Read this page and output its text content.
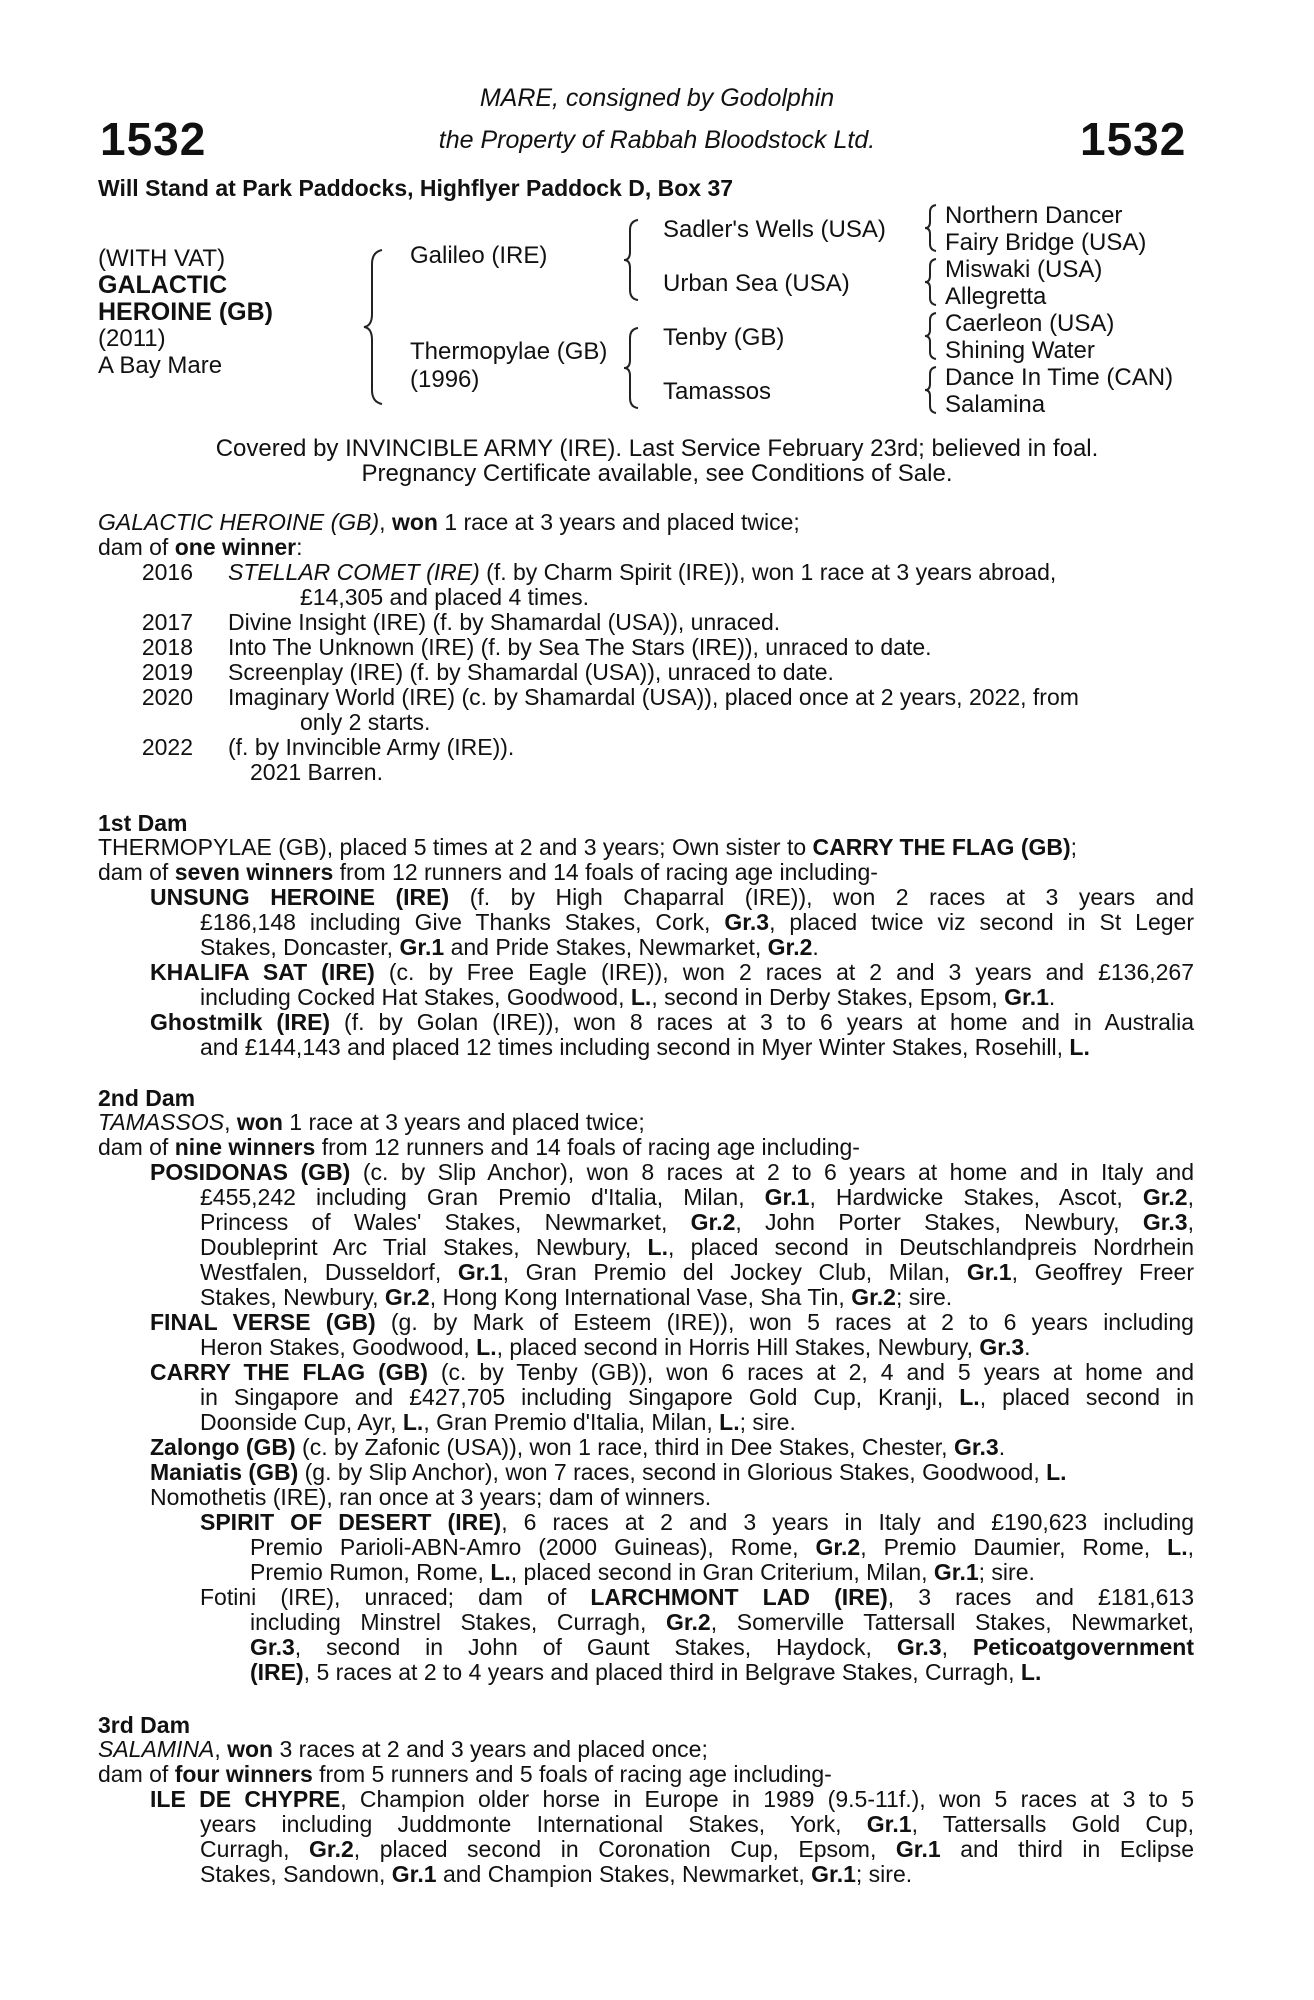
1532	1532
MARE, consigned by Godolphin
the Property of Rabbah Bloodstock Ltd.
Will Stand at Park Paddocks, Highflyer Paddock D, Box 37
(WITH VAT)
GALACTIC
HEROINE (GB)
(2011)
A Bay Mare
Galileo (IRE)
Thermopylae (GB)
(1996)
Sadler's Wells (USA)
Urban Sea (USA)
Tenby (GB)
Tamassos
Northern Dancer
Fairy Bridge (USA)
Miswaki (USA)
Allegretta
Caerleon (USA)
Shining Water
Dance In Time (CAN)
Salamina
Covered by INVINCIBLE ARMY (IRE). Last Service February 23rd; believed in foal.
Pregnancy Certificate available, see Conditions of Sale.
GALACTIC HEROINE (GB), won 1 race at 3 years and placed twice;
dam of one winner:
2016 STELLAR COMET (IRE) (f. by Charm Spirit (IRE)), won 1 race at 3 years abroad,
£14,305 and placed 4 times.
2017 Divine Insight (IRE) (f. by Shamardal (USA)), unraced.
2018 Into The Unknown (IRE) (f. by Sea The Stars (IRE)), unraced to date.
2019 Screenplay (IRE) (f. by Shamardal (USA)), unraced to date.
2020 Imaginary World (IRE) (c. by Shamardal (USA)), placed once at 2 years, 2022, from
only 2 starts.
2022 (f. by Invincible Army (IRE)).
2021 Barren.
1st Dam
THERMOPYLAE (GB), placed 5 times at 2 and 3 years; Own sister to CARRY THE FLAG (GB);
dam of seven winners from 12 runners and 14 foals of racing age including-
UNSUNG HEROINE (IRE) (f. by High Chaparral (IRE)), won 2 races at 3 years and
£186,148 including Give Thanks Stakes, Cork, Gr.3, placed twice viz second in St Leger
Stakes, Doncaster, Gr.1 and Pride Stakes, Newmarket, Gr.2.
KHALIFA SAT (IRE) (c. by Free Eagle (IRE)), won 2 races at 2 and 3 years and £136,267
including Cocked Hat Stakes, Goodwood, L., second in Derby Stakes, Epsom, Gr.1.
Ghostmilk (IRE) (f. by Golan (IRE)), won 8 races at 3 to 6 years at home and in Australia
and £144,143 and placed 12 times including second in Myer Winter Stakes, Rosehill, L.
2nd Dam
TAMASSOS, won 1 race at 3 years and placed twice;
dam of nine winners from 12 runners and 14 foals of racing age including-
POSIDONAS (GB) (c. by Slip Anchor), won 8 races at 2 to 6 years at home and in Italy and
£455,242 including Gran Premio d'Italia, Milan, Gr.1, Hardwicke Stakes, Ascot, Gr.2,
Princess of Wales' Stakes, Newmarket, Gr.2, John Porter Stakes, Newbury, Gr.3,
Doubleprint Arc Trial Stakes, Newbury, L., placed second in Deutschlandpreis Nordrhein
Westfalen, Dusseldorf, Gr.1, Gran Premio del Jockey Club, Milan, Gr.1, Geoffrey Freer
Stakes, Newbury, Gr.2, Hong Kong International Vase, Sha Tin, Gr.2; sire.
FINAL VERSE (GB) (g. by Mark of Esteem (IRE)), won 5 races at 2 to 6 years including
Heron Stakes, Goodwood, L., placed second in Horris Hill Stakes, Newbury, Gr.3.
CARRY THE FLAG (GB) (c. by Tenby (GB)), won 6 races at 2, 4 and 5 years at home and
in Singapore and £427,705 including Singapore Gold Cup, Kranji, L., placed second in
Doonside Cup, Ayr, L., Gran Premio d'Italia, Milan, L.; sire.
Zalongo (GB) (c. by Zafonic (USA)), won 1 race, third in Dee Stakes, Chester, Gr.3.
Maniatis (GB) (g. by Slip Anchor), won 7 races, second in Glorious Stakes, Goodwood, L.
Nomothetis (IRE), ran once at 3 years; dam of winners.
SPIRIT OF DESERT (IRE), 6 races at 2 and 3 years in Italy and £190,623 including
Premio Parioli-ABN-Amro (2000 Guineas), Rome, Gr.2, Premio Daumier, Rome, L.,
Premio Rumon, Rome, L., placed second in Gran Criterium, Milan, Gr.1; sire.
Fotini (IRE), unraced; dam of LARCHMONT LAD (IRE), 3 races and £181,613
including Minstrel Stakes, Curragh, Gr.2, Somerville Tattersall Stakes, Newmarket,
Gr.3, second in John of Gaunt Stakes, Haydock, Gr.3, Peticoatgovernment
(IRE), 5 races at 2 to 4 years and placed third in Belgrave Stakes, Curragh, L.
3rd Dam
SALAMINA, won 3 races at 2 and 3 years and placed once;
dam of four winners from 5 runners and 5 foals of racing age including-
ILE DE CHYPRE, Champion older horse in Europe in 1989 (9.5-11f.), won 5 races at 3 to 5
years including Juddmonte International Stakes, York, Gr.1, Tattersalls Gold Cup,
Curragh, Gr.2, placed second in Coronation Cup, Epsom, Gr.1 and third in Eclipse
Stakes, Sandown, Gr.1 and Champion Stakes, Newmarket, Gr.1; sire.
